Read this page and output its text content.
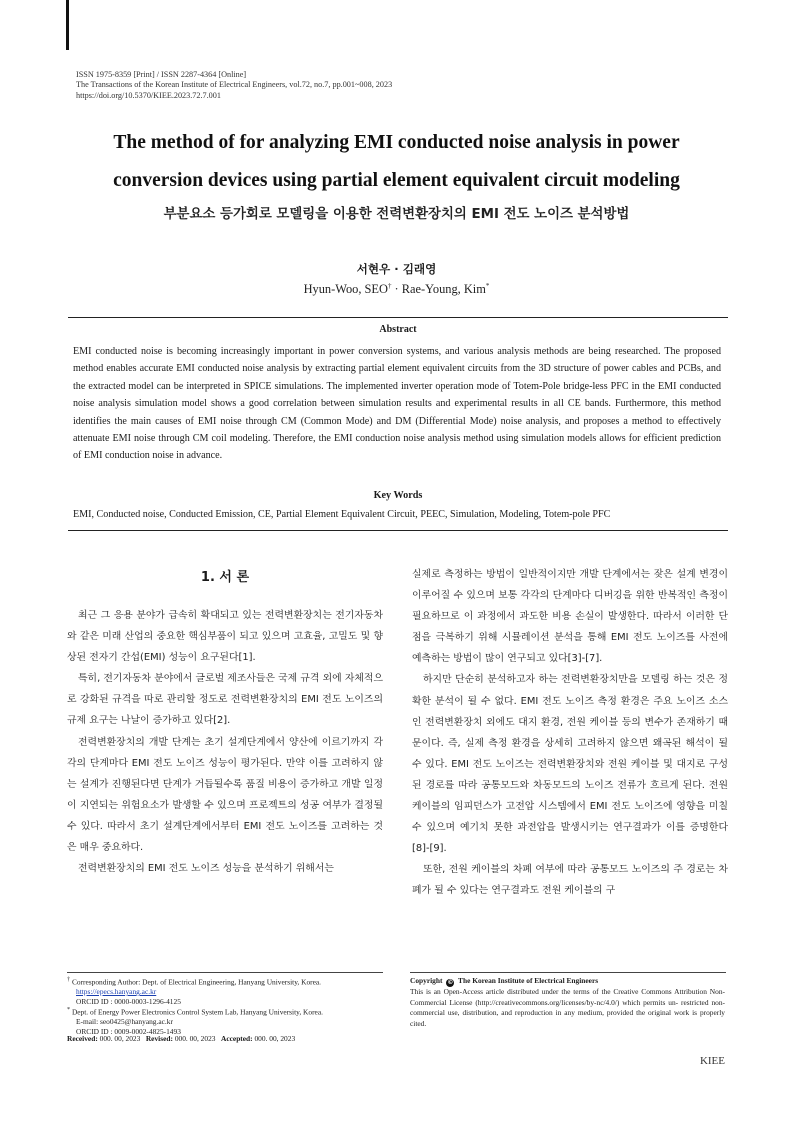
ISSN 1975-8359 [Print] / ISSN 2287-4364 [Online]
The Transactions of the Korean Institute of Electrical Engineers, vol.72, no.7, pp.001~008, 2023
https://doi.org/10.5370/KIEE.2023.72.7.001
The method of for analyzing EMI conducted noise analysis in power
conversion devices using partial element equivalent circuit modeling
부분요소 등가회로 모델링을 이용한 전력변환장치의 EMI 전도 노이즈 분석방법
서현우 · 김래영
Hyun-Woo, SEO† · Rae-Young, Kim*
Abstract
EMI conducted noise is becoming increasingly important in power conversion systems, and various analysis methods are being researched. The proposed method enables accurate EMI conducted noise analysis by extracting partial element equivalent circuits from the 3D structure of power cables and PCBs, and the extracted model can be interpreted in SPICE simulations. The implemented inverter operation mode of Totem-Pole bridge-less PFC in the EMI conducted noise analysis simulation model shows a good correlation between simulation results and experimental results in all CE bands. Furthermore, this method identifies the main causes of EMI noise through CM (Common Mode) and DM (Differential Mode) noise analysis, and proposes a method to effectively attenuate EMI noise through CM coil modeling. Therefore, the EMI conduction noise analysis method using simulation models allows for efficient prediction of EMI conduction noise in advance.
Key Words
EMI, Conducted noise, Conducted Emission, CE, Partial Element Equivalent Circuit, PEEC, Simulation, Modeling, Totem-pole PFC
1. 서 론

최근 그 응용 분야가 급속히 확대되고 있는 전력변환장치는 전기자동차와 같은 미래 산업의 중요한 핵심부품이 되고 있으며 고효율, 고밀도 및 향상된 전자기 간섭(EMI) 성능이 요구된다[1].

특히, 전기자동차 분야에서 글로벌 제조사들은 국제 규격 외에 자체적으로 강화된 규격을 따로 관리할 정도로 전력변환장치의 EMI 전도 노이즈의 규제 요구는 나날이 증가하고 있다[2].

전력변환장치의 개발 단계는 초기 설계단계에서 양산에 이르기까지 각각의 단계마다 EMI 전도 노이즈 성능이 평가된다. 만약 이를 고려하지 않는 설계가 진행된다면 단계가 거듭될수록 품질 비용이 증가하고 개발 일정이 지연되는 위험요소가 발생할 수 있으며 프로젝트의 성공 여부가 결정될 수 있다. 따라서 초기 설계단계에서부터 EMI 전도 노이즈를 고려하는 것은 매우 중요하다.

전력변환장치의 EMI 전도 노이즈 성능을 분석하기 위해서는

실제로 측정하는 방법이 일반적이지만 개발 단계에서는 잦은 설계 변경이 이루어질 수 있으며 보통 각각의 단계마다 디버깅을 위한 반복적인 측정이 필요하므로 이 과정에서 과도한 비용 손실이 발생한다. 따라서 이러한 단점을 극복하기 위해 시뮬레이션 분석을 통해 EMI 전도 노이즈를 사전에 예측하는 방법이 많이 연구되고 있다[3]-[7].

하지만 단순히 분석하고자 하는 전력변환장치만을 모델링 하는 것은 정확한 분석이 될 수 없다. EMI 전도 노이즈 측정 환경은 주요 노이즈 소스인 전력변환장치 외에도 대지 환경, 전원 케이블 등의 변수가 존재하기 때문이다. 즉, 실제 측정 환경을 상세히 고려하지 않으면 왜곡된 해석이 될 수 있다. EMI 전도 노이즈는 전력변환장치와 전원 케이블 및 대지로 구성된 경로를 따라 공통모드와 차동모드의 노이즈 전류가 흐르게 된다. 전원 케이블의 임피던스가 고전압 시스템에서 EMI 전도 노이즈에 영향을 미칠 수 있으며 예기치 못한 과전압을 발생시키는 연구결과가 이를 증명한다[8]-[9].

또한, 전원 케이블의 차폐 여부에 따라 공통모드 노이즈의 주 경로는 차폐가 될 수 있다는 연구결과도 전원 케이블의 구

† Corresponding Author: Dept. of Electrical Engineering, Hanyang University, Korea.
https://epecs.hanyang.ac.kr
ORCID ID : 0000-0003-1296-4125
* Dept. of Energy Power Electronics Control System Lab, Hanyang University, Korea.
E-mail: seo0425@hanyang.ac.kr
ORCID ID : 0009-0002-4825-1493
Received: 000. 00, 2023 Revised: 000. 00, 2023 Accepted: 000. 00, 2023
Copyright © The Korean Institute of Electrical Engineers
This is an Open-Access article distributed under the terms of the Creative Commons Attribution Non-Commercial License (http://creativecommons.org/licenses/by-nc/4.0/) which permits un- restricted non-commercial use, distribution, and reproduction in any medium, provided the original work is properly cited.
KIEE
